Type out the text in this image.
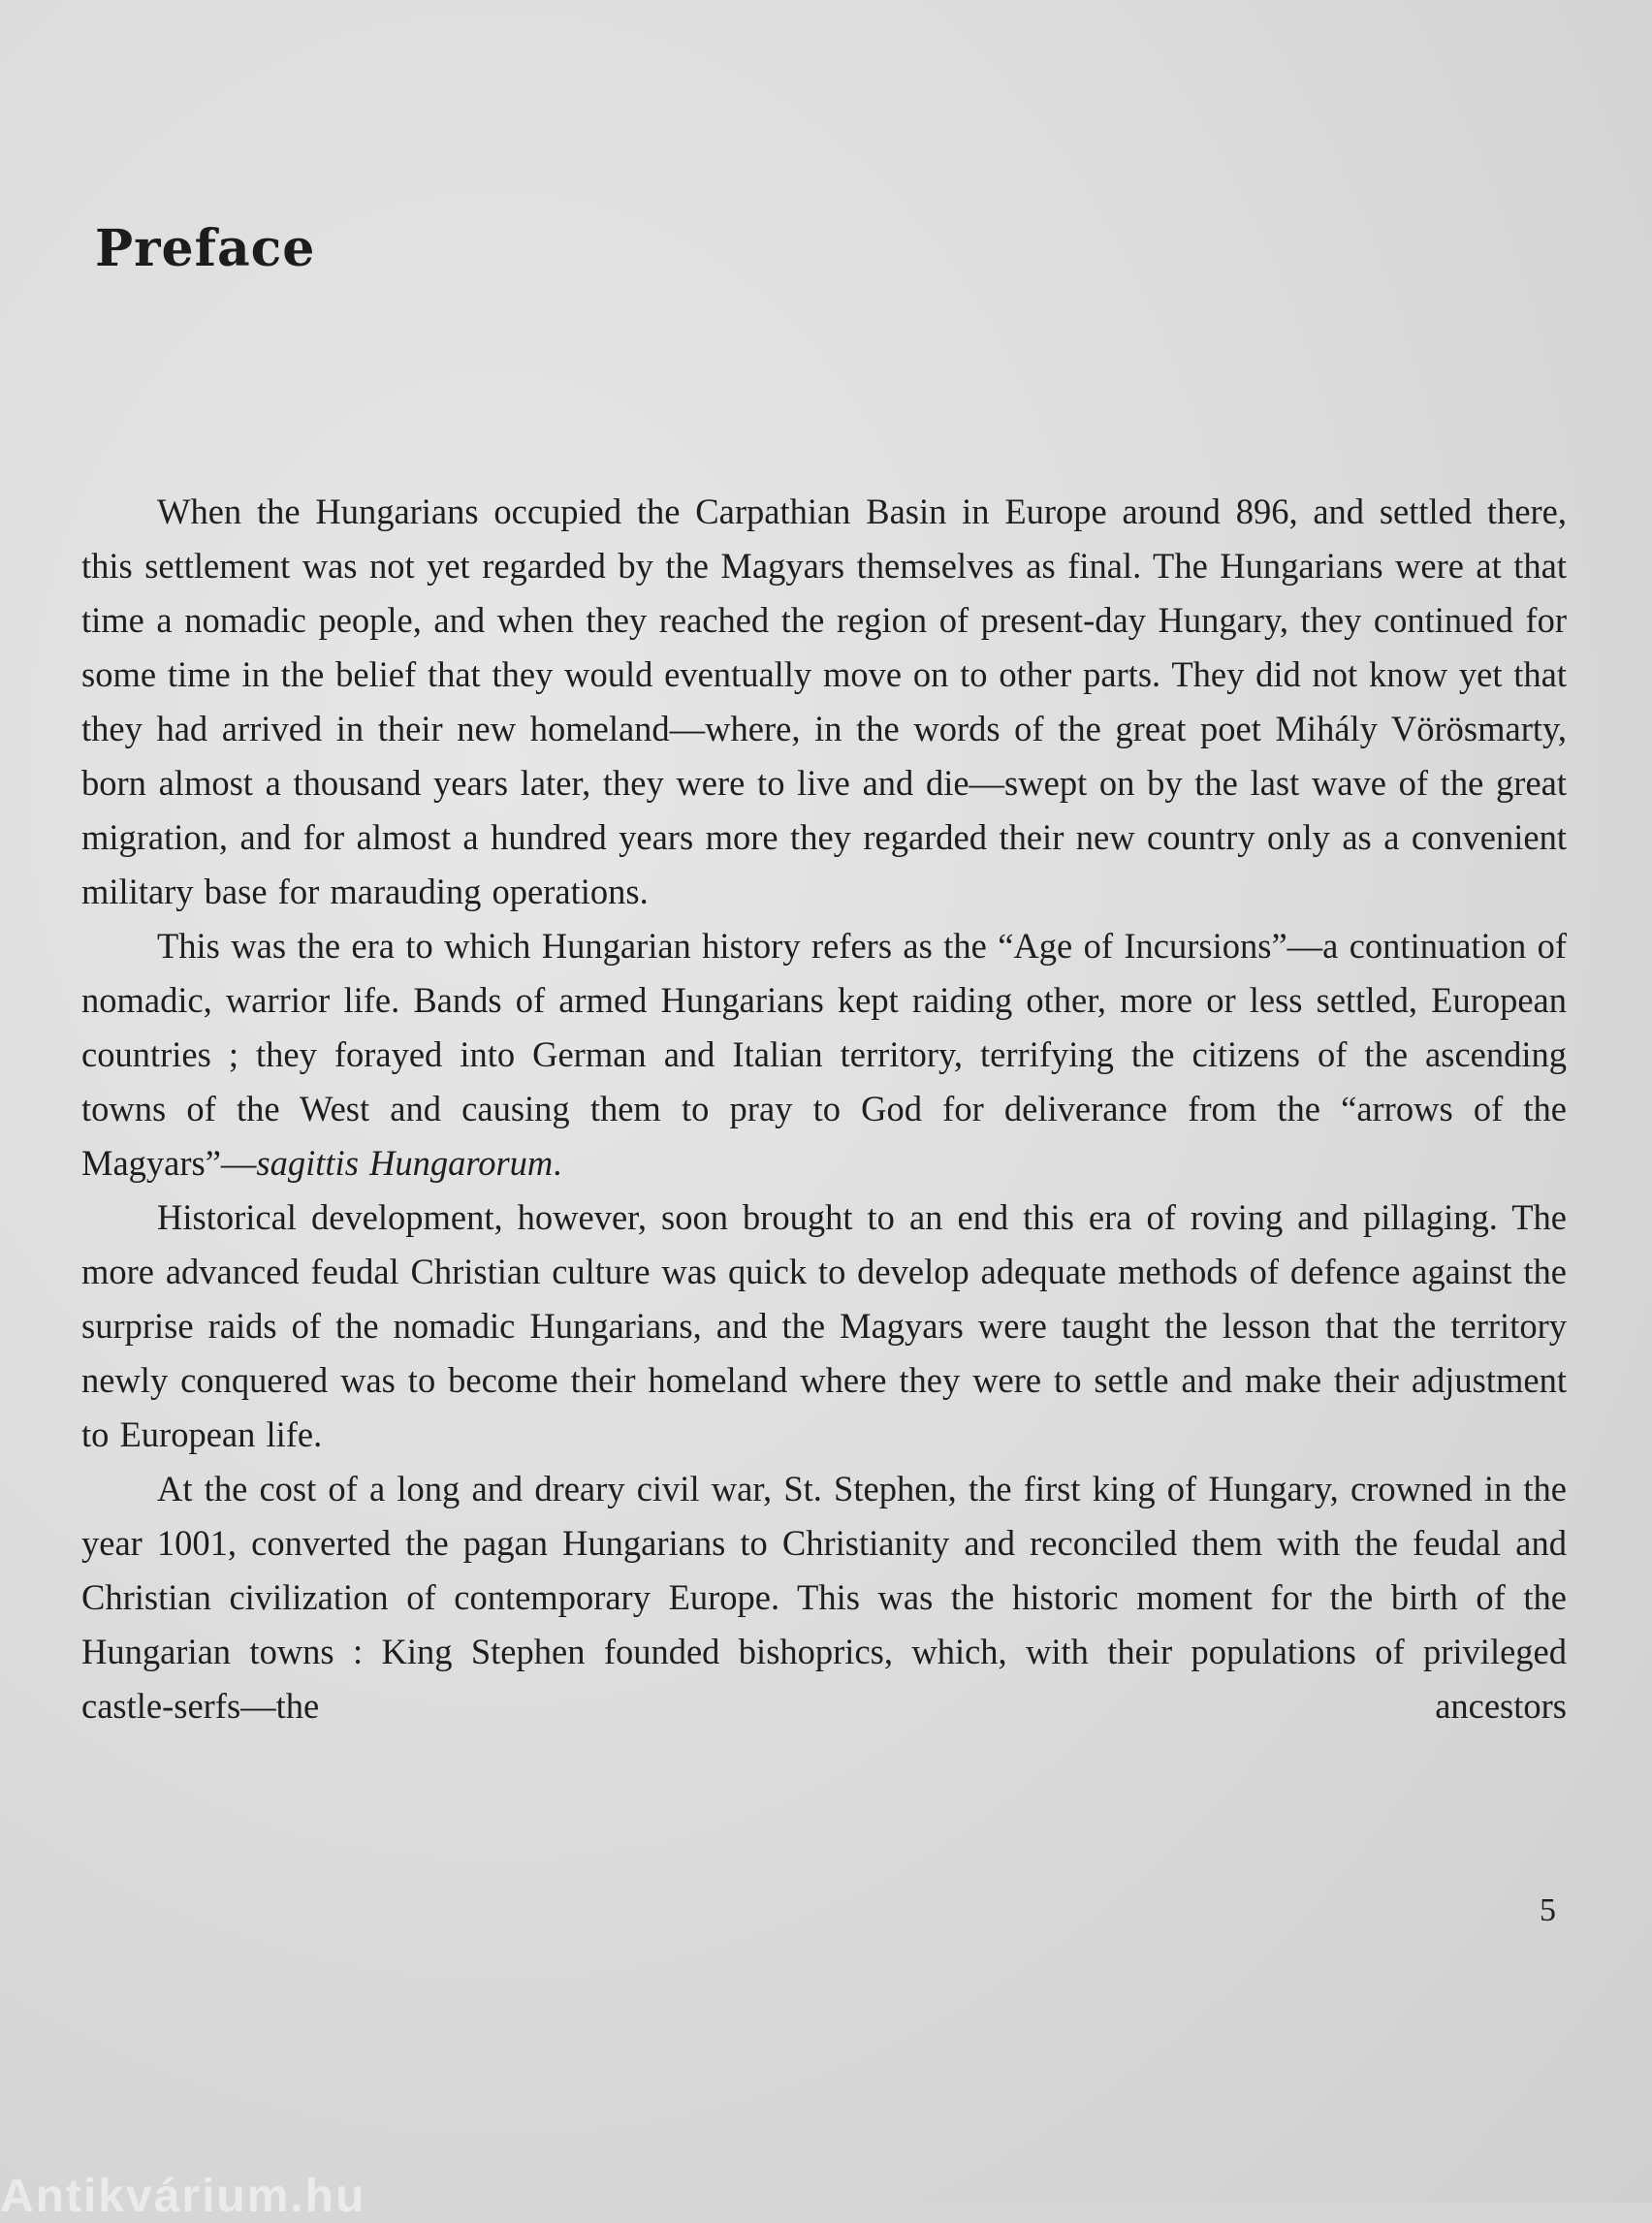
Preface

When the Hungarians occupied the Carpathian Basin in Europe around 896, and settled there, this settlement was not yet regarded by the Magyars themselves as final. The Hungarians were at that time a nomadic people, and when they reached the region of present-day Hungary, they continued for some time in the belief that they would eventually move on to other parts. They did not know yet that they had arrived in their new homeland—where, in the words of the great poet Mihály Vörösmarty, born almost a thousand years later, they were to live and die—swept on by the last wave of the great migration, and for almost a hundred years more they regarded their new country only as a convenient military base for marauding operations.

This was the era to which Hungarian history refers as the “Age of Incursions”—a continuation of nomadic, warrior life. Bands of armed Hungarians kept raiding other, more or less settled, European countries ; they forayed into German and Italian territory, terrifying the citizens of the ascending towns of the West and causing them to pray to God for deliverance from the “arrows of the Magyars”—sagittis Hungarorum.

Historical development, however, soon brought to an end this era of roving and pillaging. The more advanced feudal Christian culture was quick to develop adequate methods of defence against the surprise raids of the nomadic Hungarians, and the Magyars were taught the lesson that the territory newly conquered was to become their homeland where they were to settle and make their adjustment to European life.

At the cost of a long and dreary civil war, St. Stephen, the first king of Hungary, crowned in the year 1001, converted the pagan Hungarians to Christianity and reconciled them with the feudal and Christian civilization of contemporary Europe. This was the historic moment for the birth of the Hungarian towns : King Stephen founded bishoprics, which, with their populations of privileged castle-serfs—the ancestors

5
Antikvárium.hu
